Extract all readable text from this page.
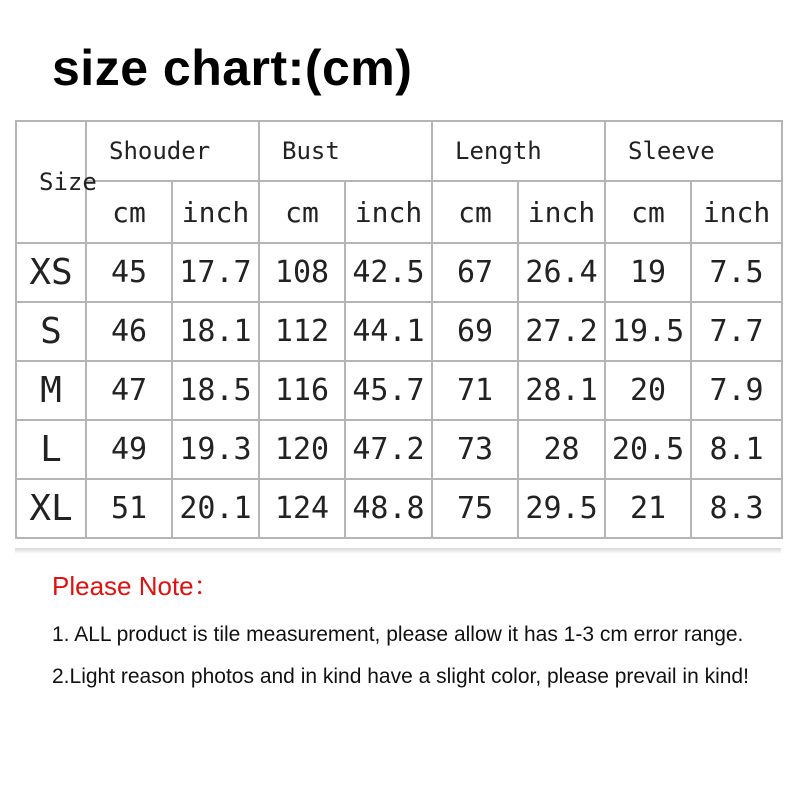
size chart:(cm)
Size	Shouder		Bust		Length		Sleeve	
	cm	inch	cm	inch	cm	inch	cm	inch
XS	45	17.7	108	42.5	67	26.4	19	7.5
S	46	18.1	112	44.1	69	27.2	19.5	7.7
M	47	18.5	116	45.7	71	28.1	20	7.9
L	49	19.3	120	47.2	73	28	20.5	8.1
XL	51	20.1	124	48.8	75	29.5	21	8.3
Please Note：

1. ALL product is tile measurement, please allow it has 1-3 cm error range.

2.Light reason photos and in kind have a slight color, please prevail in kind!
